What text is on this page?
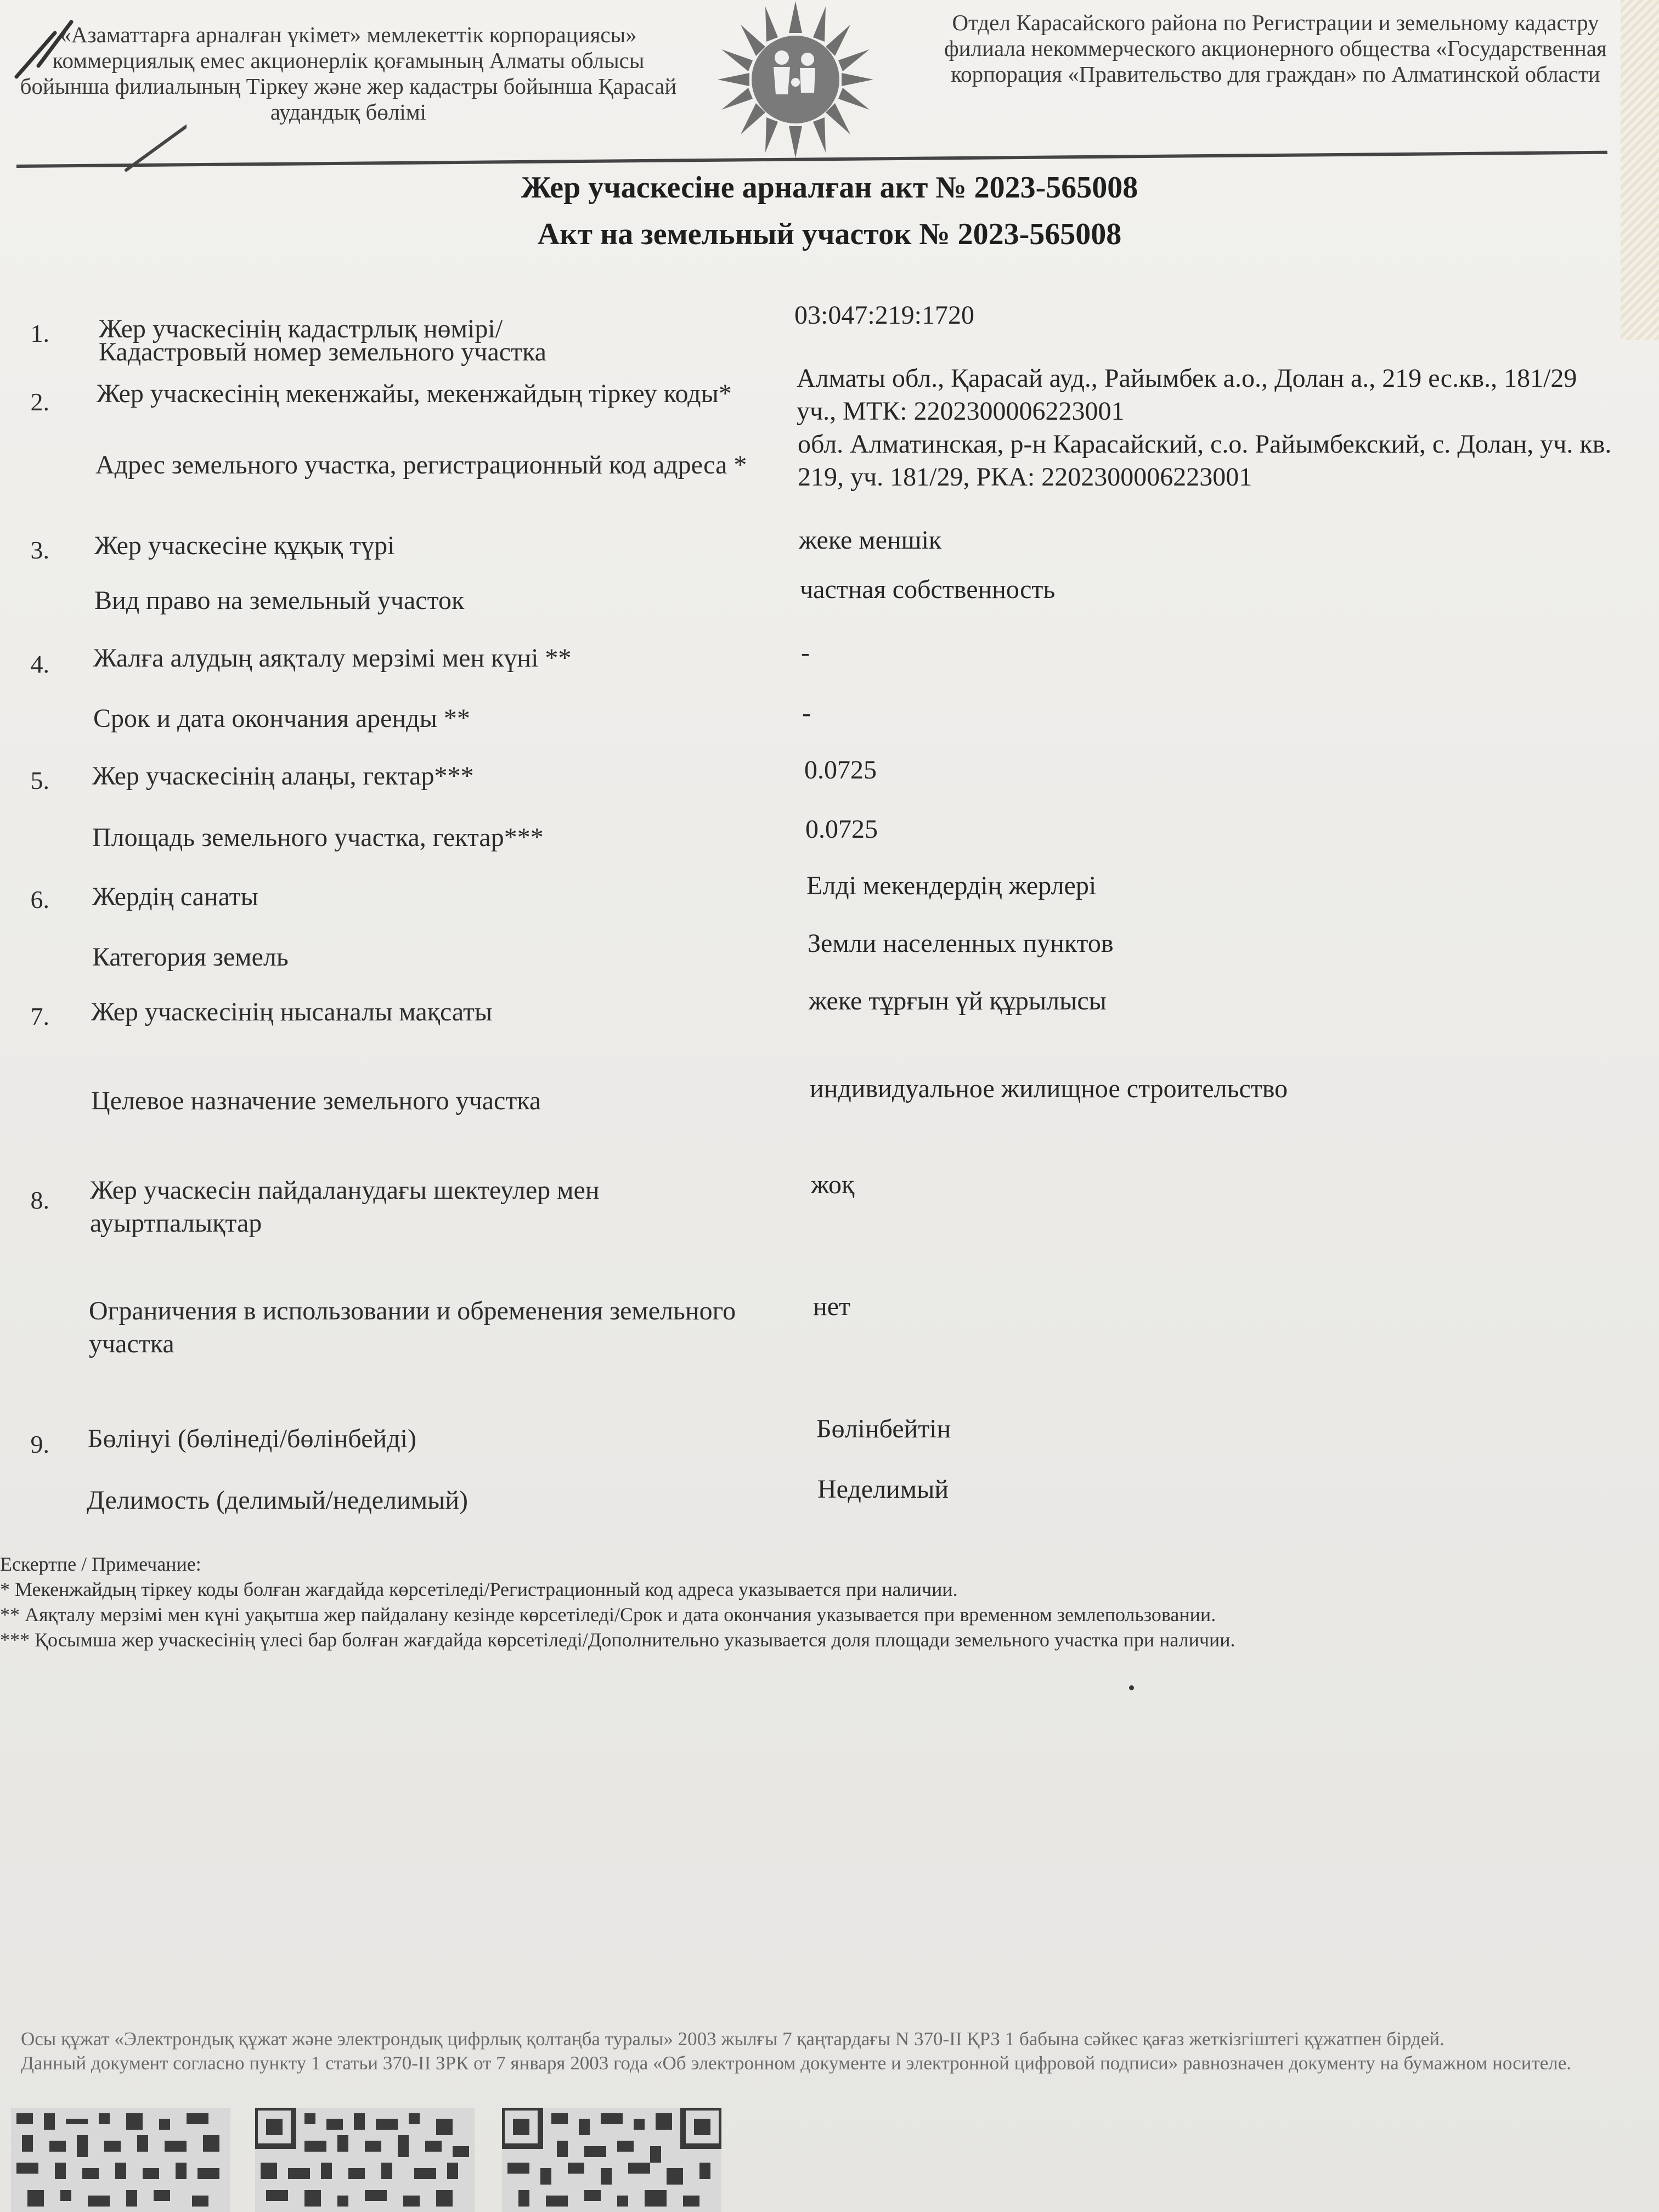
«Азаматтарға арналған үкімет» мемлекеттік корпорациясы» коммерциялық емес акционерлік қоғамының Алматы облысы бойынша филиалының Тіркеу және жер кадастры бойынша Қарасай аудандық бөлімі
Отдел Карасайского района по Регистрации и земельному кадастру филиала некоммерческого акционерного общества «Государственная корпорация «Правительство для граждан» по Алматинской области
Жер учаскесіне арналған акт № 2023-565008
Акт на земельный участок № 2023-565008
1. Жер учаскесінің кадастрлық нөмірі/
Кадастровый номер земельного участка
03:047:219:1720
2. Жер учаскесінің мекенжайы, мекенжайдың тіркеу коды*
Адрес земельного участка, регистрационный код адреса *
Алматы обл., Қарасай ауд., Райымбек а.о., Долан а., 219 ес.кв., 181/29 уч., МТК: 2202300006223001
обл. Алматинская, р-н Карасайский, с.о. Райымбекский, с. Долан, уч. кв. 219, уч. 181/29, РКА: 2202300006223001
3. Жер учаскесіне құқық түрі
Вид право на земельный участок
жеке меншік
частная собственность
4. Жалға алудың аяқталу мерзімі мен күні **
Срок и дата окончания аренды **
-
-
5. Жер учаскесінің алаңы, гектар***
Площадь земельного участка, гектар***
0.0725
0.0725
6. Жердің санаты
Категория земель
Елді мекендердің жерлері
Земли населенных пунктов
7. Жер учаскесінің нысаналы мақсаты
Целевое назначение земельного участка
жеке тұрғын үй құрылысы
индивидуальное жилищное строительство
8. Жер учаскесін пайдаланудағы шектеулер мен ауыртпалықтар
Ограничения в использовании и обременения земельного участка
жоқ
нет
9. Бөлінуі (бөлінеді/бөлінбейді)
Делимость (делимый/неделимый)
Бөлінбейтін
Неделимый
Ескертпе / Примечание:
* Мекенжайдың тіркеу коды болған жағдайда көрсетіледі/Регистрационный код адреса указывается при наличии.
** Аяқталу мерзімі мен күні уақытша жер пайдалану кезінде көрсетіледі/Срок и дата окончания указывается при временном землепользовании.
*** Қосымша жер учаскесінің үлесі бар болған жағдайда көрсетіледі/Дополнительно указывается доля площади земельного участка при наличии.
Осы құжат «Электрондық құжат және электрондық цифрлық қолтаңба туралы» 2003 жылғы 7 қаңтардағы N 370-II ҚРЗ 1 бабына сәйкес қағаз жеткізгіштегі құжатпен бірдей.
Данный документ согласно пункту 1 статьи 370-II ЗРК от 7 января 2003 года «Об электронном документе и электронной цифровой подписи» равнозначен документу на бумажном носителе.
